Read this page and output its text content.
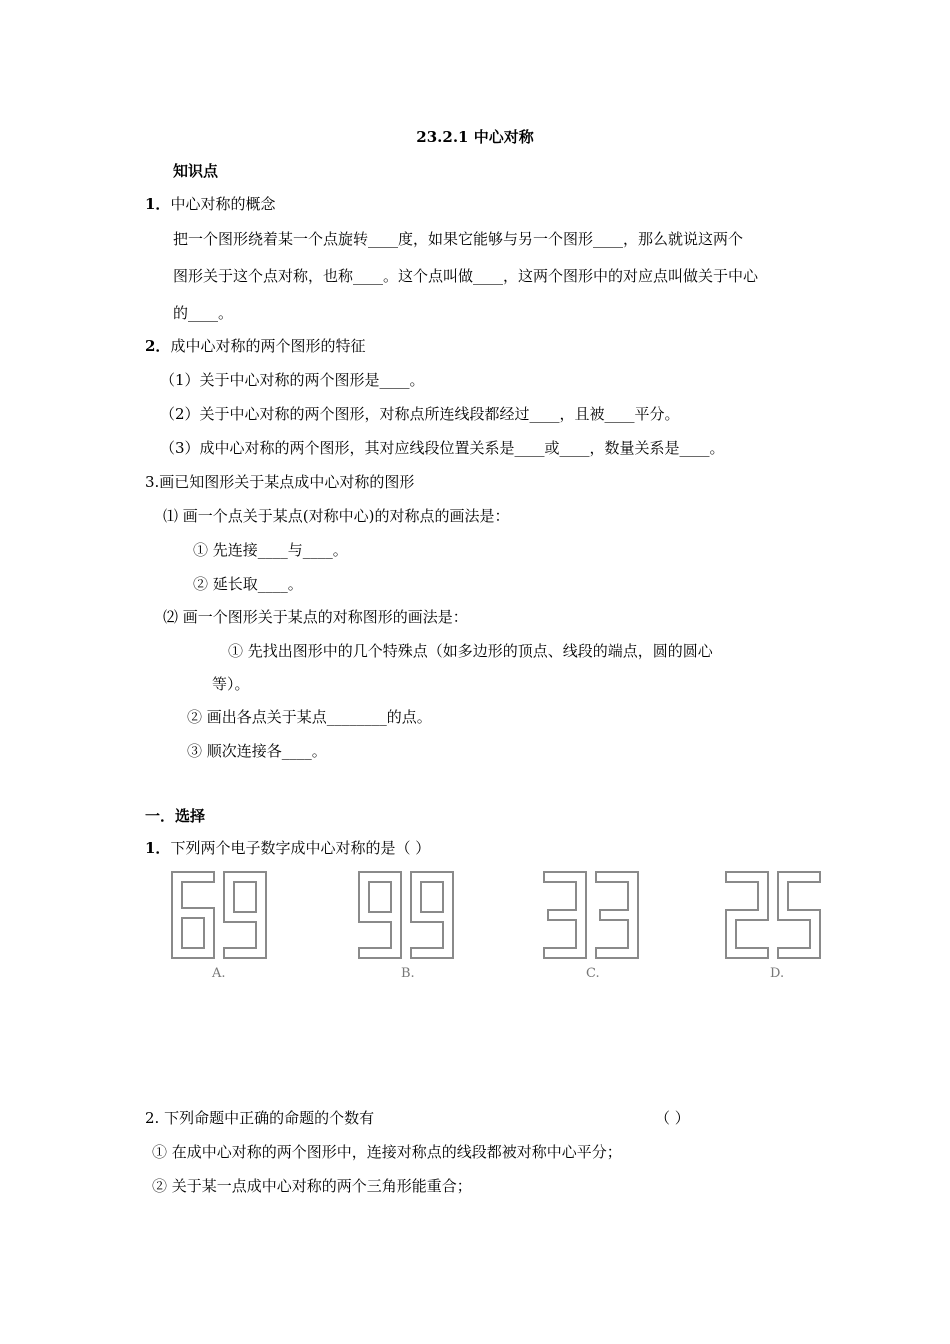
23.2.1 中心对称
知识点
1．中心对称的概念
把一个图形绕着某一个点旋转____度，如果它能够与另一个图形____，那么就说这两个
图形关于这个点对称，也称____。这个点叫做____，这两个图形中的对应点叫做关于中心
的____。
2．成中心对称的两个图形的特征
（1）关于中心对称的两个图形是____。
（2）关于中心对称的两个图形，对称点所连线段都经过____，且被____平分。
（3）成中心对称的两个图形，其对应线段位置关系是____或____，数量关系是____。
3.画已知图形关于某点成中心对称的图形
⑴ 画一个点关于某点(对称中心)的对称点的画法是：
① 先连接____与____。
② 延长取____。
⑵ 画一个图形关于某点的对称图形的画法是：
① 先找出图形中的几个特殊点（如多边形的顶点、线段的端点，圆的圆心
等）。
② 画出各点关于某点________的点。
③ 顺次连接各____。
一．选择
1．下列两个电子数字成中心对称的是（ ）
A.	B.	C.	D.
2. 下列命题中正确的命题的个数有	（ ）
① 在成中心对称的两个图形中，连接对称点的线段都被对称中心平分；
② 关于某一点成中心对称的两个三角形能重合；
